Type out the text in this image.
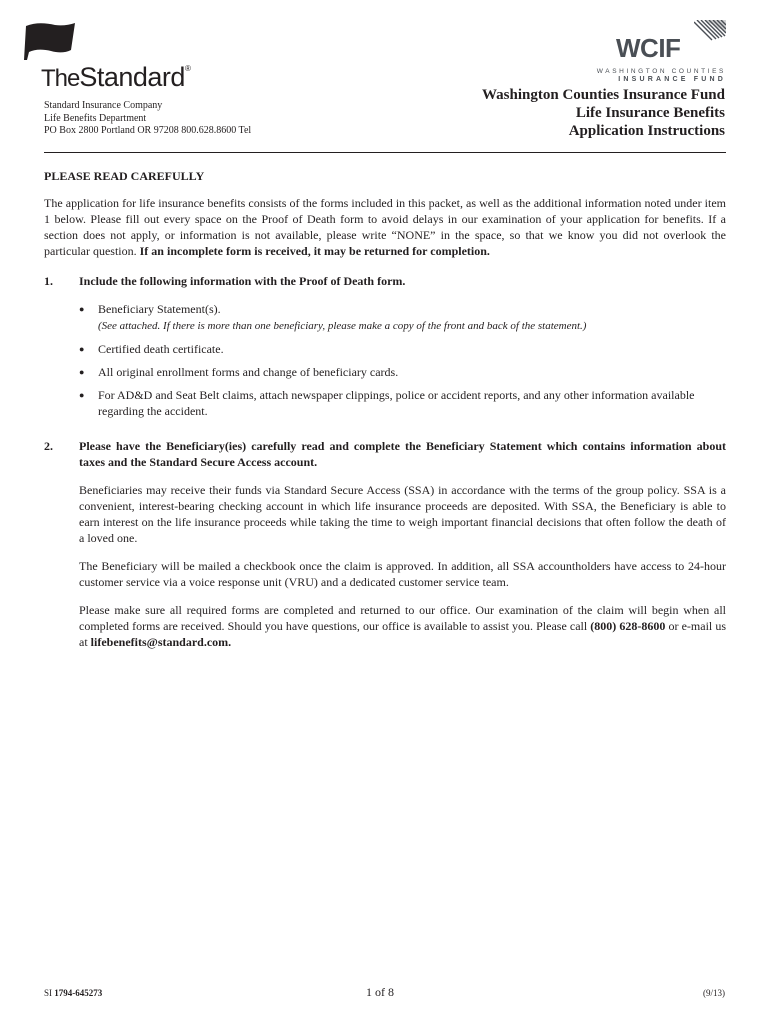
TheStandard®
Standard Insurance Company
Life Benefits Department
PO Box 2800 Portland OR 97208 800.628.8600 Tel
WCIF
WASHINGTON COUNTIES
INSURANCE FUND
Washington Counties Insurance Fund
Life Insurance Benefits
Application Instructions
PLEASE READ CAREFULLY

The application for life insurance benefits consists of the forms included in this packet, as well as the additional information noted under item 1 below. Please fill out every space on the Proof of Death form to avoid delays in our examination of your application for benefits. If a section does not apply, or information is not available, please write “NONE” in the space, so that we know you did not overlook the particular question. If an incomplete form is received, it may be returned for completion.

1.	Include the following information with the Proof of Death form.
●	Beneficiary Statement(s).
(See attached. If there is more than one beneficiary, please make a copy of the front and back of the statement.)
●	Certified death certificate.
●	All original enrollment forms and change of beneficiary cards.
●	For AD&D and Seat Belt claims, attach newspaper clippings, police or accident reports, and any other information available regarding the accident.
2.	Please have the Beneficiary(ies) carefully read and complete the Beneficiary Statement which contains information about taxes and the Standard Secure Access account.

Beneficiaries may receive their funds via Standard Secure Access (SSA) in accordance with the terms of the group policy. SSA is a convenient, interest-bearing checking account in which life insurance proceeds are deposited. With SSA, the Beneficiary is able to earn interest on the life insurance proceeds while taking the time to weigh important financial decisions that often follow the death of a loved one.

The Beneficiary will be mailed a checkbook once the claim is approved. In addition, all SSA accountholders have access to 24-hour customer service via a voice response unit (VRU) and a dedicated customer service team.

Please make sure all required forms are completed and returned to our office. Our examination of the claim will begin when all completed forms are received. Should you have questions, our office is available to assist you. Please call (800) 628-8600 or e-mail us at lifebenefits@standard.com.

SI 1794-645273	1 of 8	(9/13)
